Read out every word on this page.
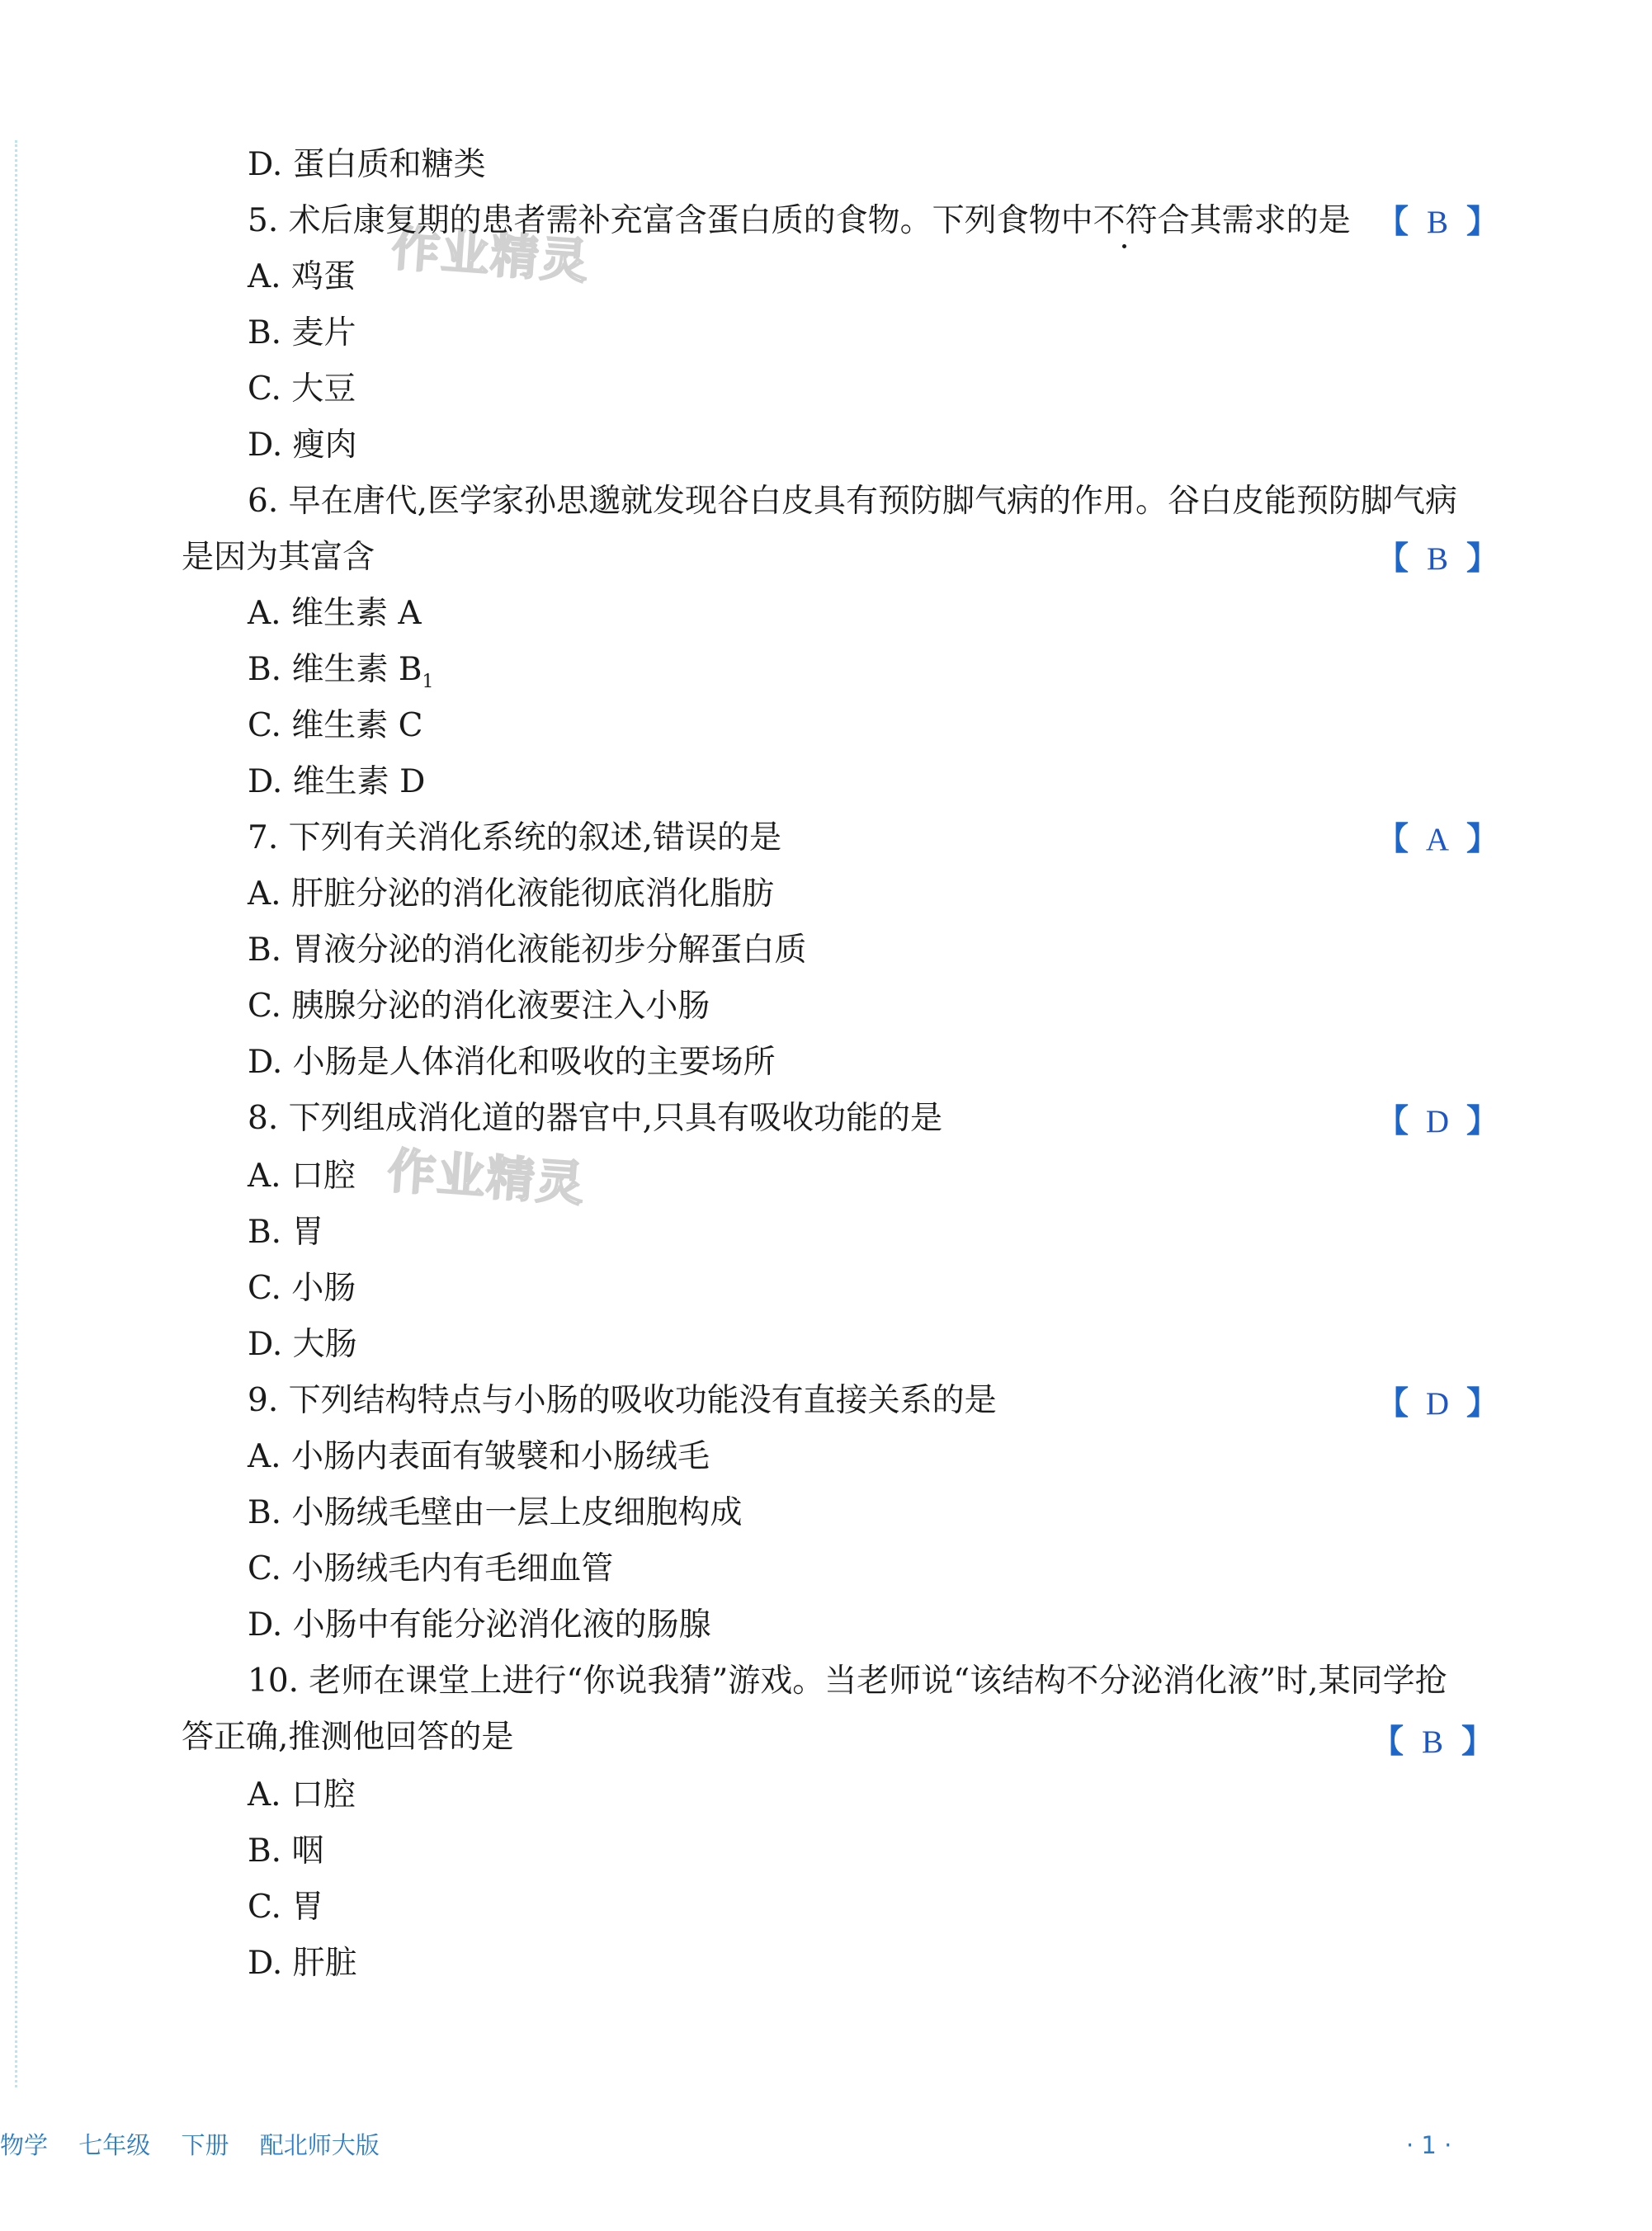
作业精灵
作业精灵
D. 蛋白质和糖类
5. 术后康复期的患者需补充富含蛋白质的食物。下列食物中不符合其需求的是 【 B 】
A. 鸡蛋
B. 麦片
C. 大豆
D. 瘦肉
6. 早在唐代,医学家孙思邈就发现谷白皮具有预防脚气病的作用。谷白皮能预防脚气病
是因为其富含	【 B 】
A. 维生素 A
B. 维生素 $B_1$
C. 维生素 C
D. 维生素 D
7. 下列有关消化系统的叙述,错误的是	【 A 】
A. 肝脏分泌的消化液能彻底消化脂肪
B. 胃液分泌的消化液能初步分解蛋白质
C. 胰腺分泌的消化液要注入小肠
D. 小肠是人体消化和吸收的主要场所
8. 下列组成消化道的器官中,只具有吸收功能的是	【 D 】
A. 口腔
B. 胃
C. 小肠
D. 大肠
9. 下列结构特点与小肠的吸收功能没有直接关系的是	【 D 】
A. 小肠内表面有皱襞和小肠绒毛
B. 小肠绒毛壁由一层上皮细胞构成
C. 小肠绒毛内有毛细血管
D. 小肠中有能分泌消化液的肠腺
10. 老师在课堂上进行“你说我猜”游戏。当老师说“该结构不分泌消化液”时,某同学抢
答正确,推测他回答的是	【 B 】
A. 口腔
B. 咽
C. 胃
D. 肝脏
物学 七年级 下册 配北师大版	· 1 ·
